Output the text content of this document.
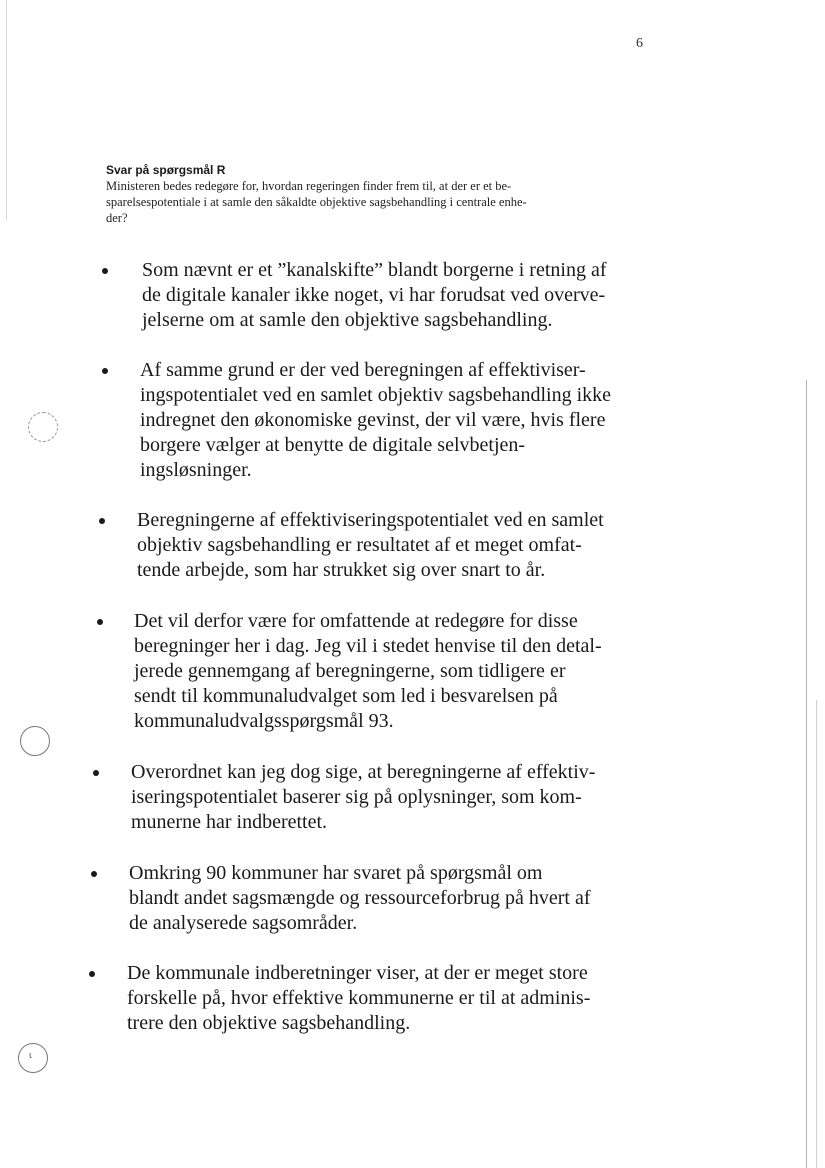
6

Svar på spørgsmål R

Ministeren bedes redegøre for, hvordan regeringen finder frem til, at der er et be-

sparelsespotentiale i at samle den såkaldte objektive sagsbehandling i centrale enhe-

der?

Som nævnt er et ”kanalskifte” blandt borgerne i retning af
de digitale kanaler ikke noget, vi har forudsat ved overve-
jelserne om at samle den objektive sagsbehandling.
Af samme grund er der ved beregningen af effektiviser-
ingspotentialet ved en samlet objektiv sagsbehandling ikke
indregnet den økonomiske gevinst, der vil være, hvis flere
borgere vælger at benytte de digitale selvbetjen-
ingsløsninger.
Beregningerne af effektiviseringspotentialet ved en samlet
objektiv sagsbehandling er resultatet af et meget omfat-
tende arbejde, som har strukket sig over snart to år.
Det vil derfor være for omfattende at redegøre for disse
beregninger her i dag. Jeg vil i stedet henvise til den detal-
jerede gennemgang af beregningerne, som tidligere er
sendt til kommunaludvalget som led i besvarelsen på
kommunaludvalgsspørgsmål 93.
Overordnet kan jeg dog sige, at beregningerne af effektiv-
iseringspotentialet baserer sig på oplysninger, som kom-
munerne har indberettet.
Omkring 90 kommuner har svaret på spørgsmål om
blandt andet sagsmængde og ressourceforbrug på hvert af
de analyserede sagsområder.
De kommunale indberetninger viser, at der er meget store
forskelle på, hvor effektive kommunerne er til at adminis-
trere den objektive sagsbehandling.
ι
